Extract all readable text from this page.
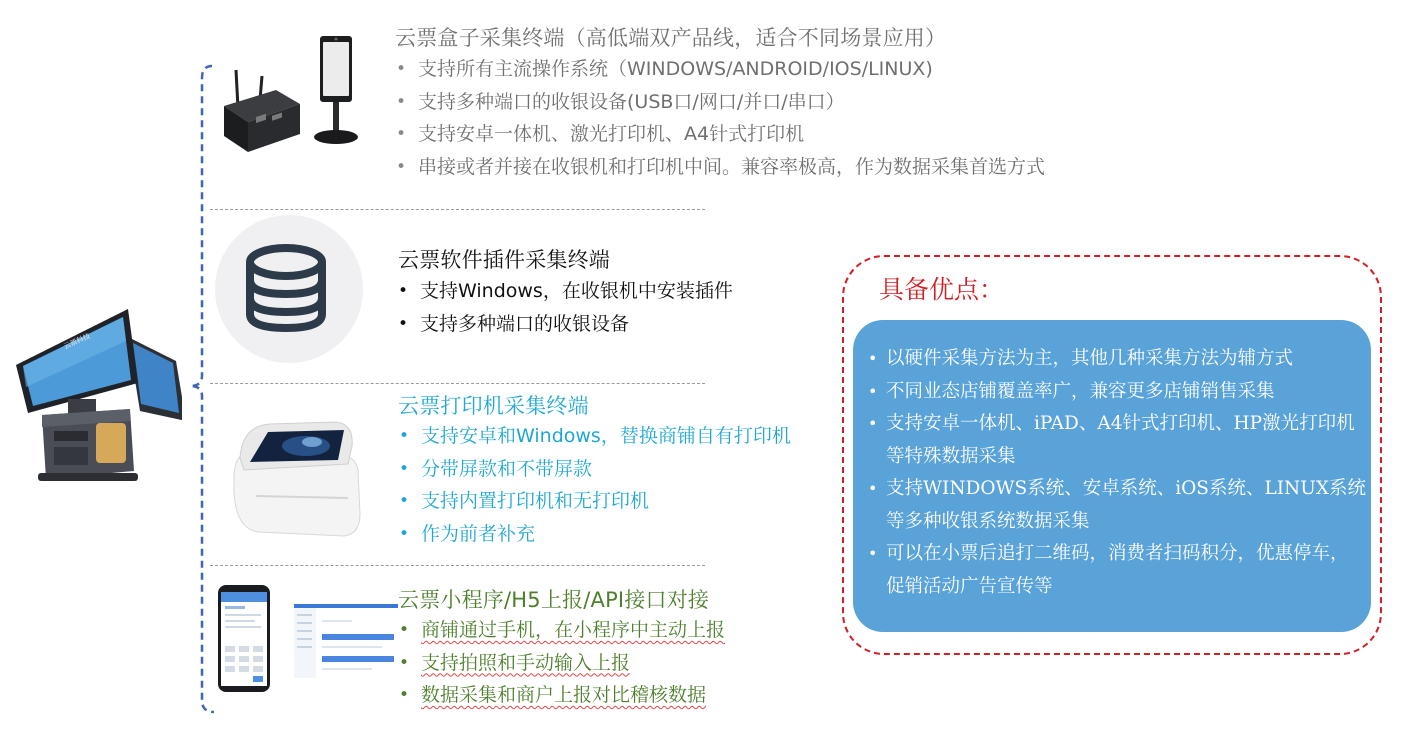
云票科技
云票盒子采集终端（高低端双产品线，适合不同场景应用）
• 支持所有主流操作系统（WINDOWS/ANDROID/IOS/LINUX)
• 支持多种端口的收银设备(USB口/网口/并口/串口）
• 支持安卓一体机、激光打印机、A4针式打印机
• 串接或者并接在收银机和打印机中间。兼容率极高，作为数据采集首选方式
云票软件插件采集终端
• 支持Windows，在收银机中安装插件
• 支持多种端口的收银设备
云票打印机采集终端
• 支持安卓和Windows，替换商铺自有打印机
• 分带屏款和不带屏款
• 支持内置打印机和无打印机
• 作为前者补充
云票小程序/H5上报/API接口对接
• 商铺通过手机，在小程序中主动上报
• 支持拍照和手动输入上报
• 数据采集和商户上报对比稽核数据
具备优点：
• 以硬件采集方法为主，其他几种采集方法为辅方式
• 不同业态店铺覆盖率广，兼容更多店铺销售采集
• 支持安卓一体机、iPAD、A4针式打印机、HP激光打印机等特殊数据采集
• 支持WINDOWS系统、安卓系统、iOS系统、LINUX系统等多种收银系统数据采集
• 可以在小票后追打二维码，消费者扫码积分，优惠停车，促销活动广告宣传等
